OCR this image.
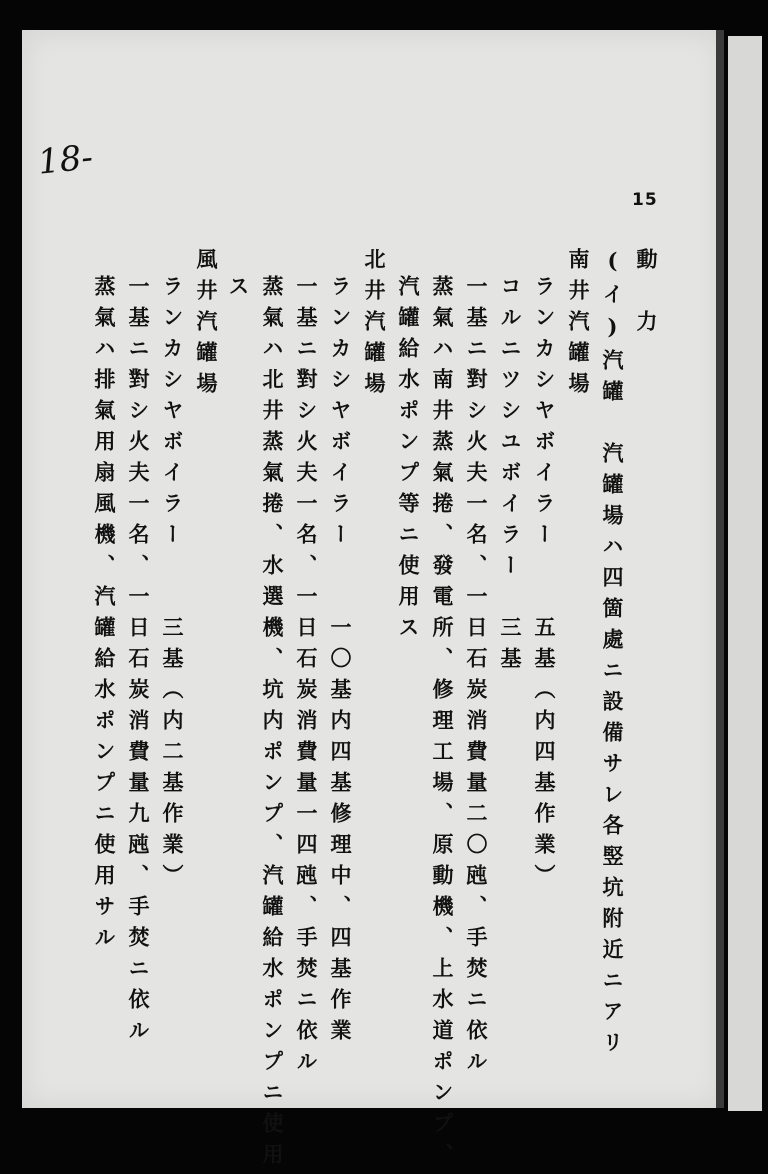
18-
15
動　力
(イ)汽罐　汽罐場ハ四箇處ニ設備サレ各竪坑附近ニアリ
南井汽罐場
ランカシヤボイラー　　五基（内四基作業）
コルニツシユボイラー　三基
一基ニ對シ火夫一名、一日石炭消費量二〇瓲、手焚ニ依ル
蒸氣ハ南井蒸氣捲、發電所、修理工場、原動機、上水道ポンプ、
汽罐給水ポンプ等ニ使用ス
北井汽罐場
ランカシヤボイラー　　一〇基内四基修理中、四基作業
一基ニ對シ火夫一名、一日石炭消費量一四瓲、手焚ニ依ル
蒸氣ハ北井蒸氣捲、水選機、坑内ポンプ、汽罐給水ポンプニ使用
ス
風井汽罐場
ランカシヤボイラー　　三基（内二基作業）
一基ニ對シ火夫一名、一日石炭消費量九瓲、手焚ニ依ル
蒸氣ハ排氣用扇風機、汽罐給水ポンプニ使用サル
